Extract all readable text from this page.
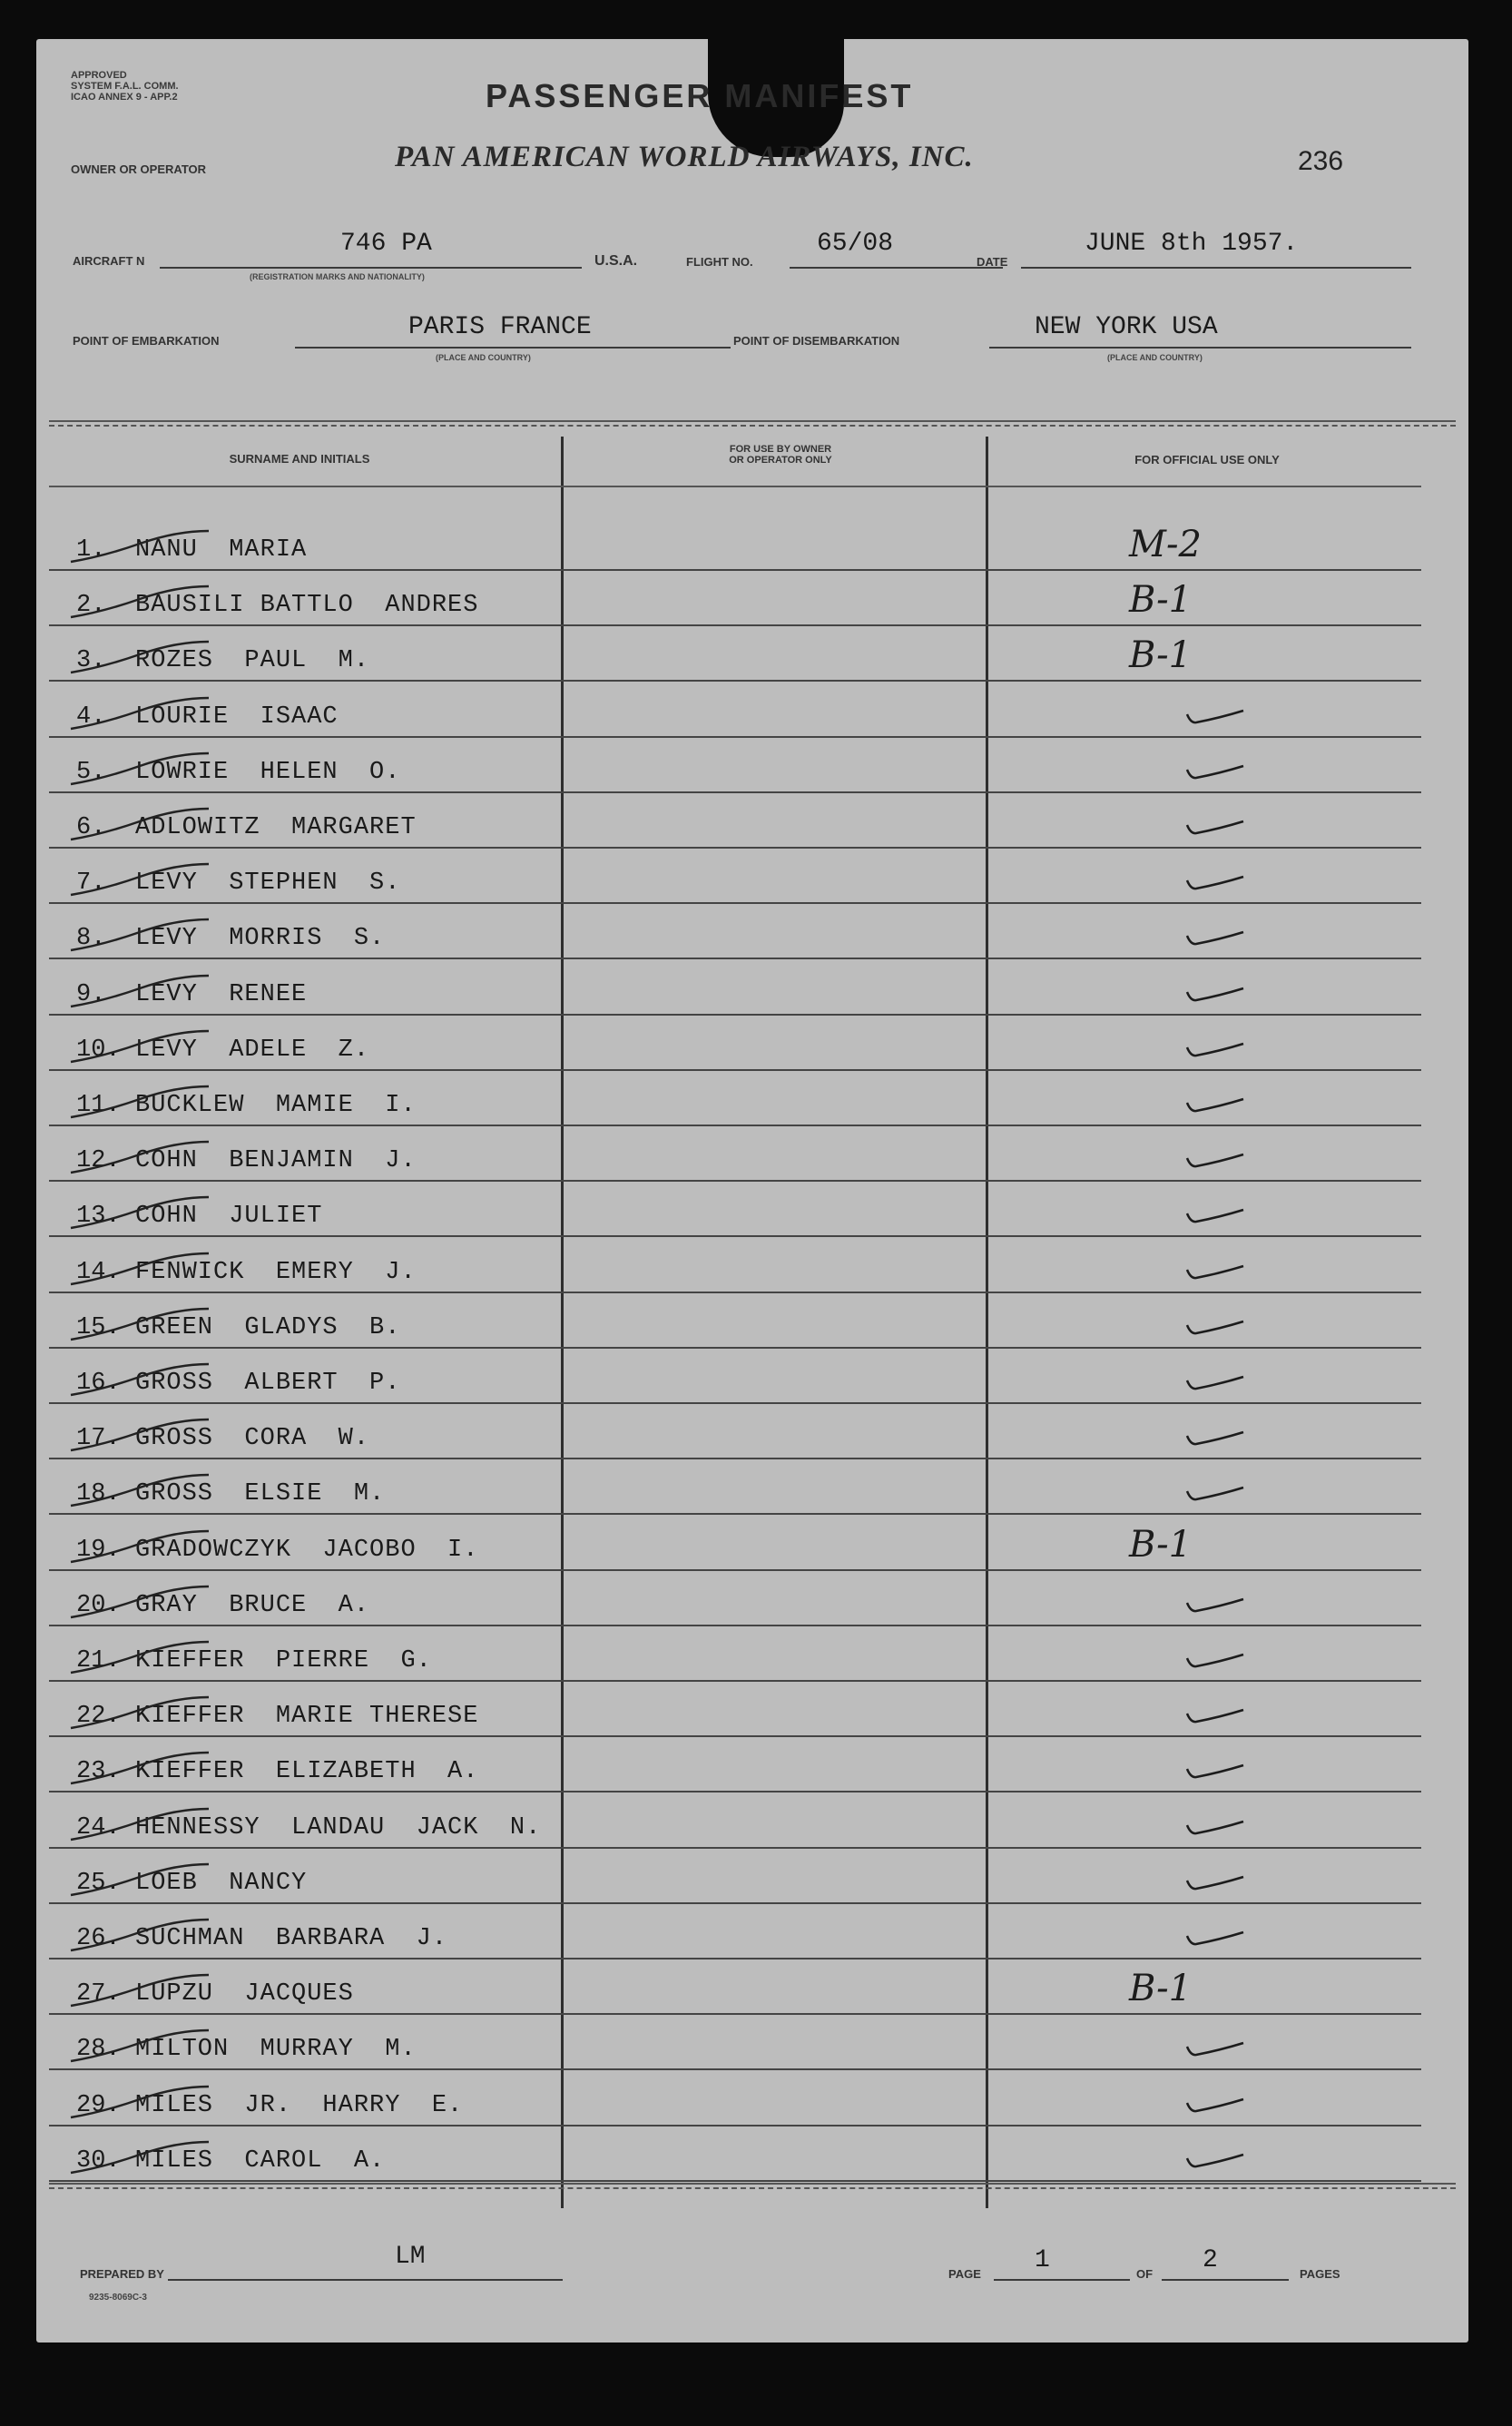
APPROVED
SYSTEM F.A.L. COMM.
ICAO ANNEX 9 - APP.2	PASSENGER MANIFEST
OWNER OR OPERATOR	PAN AMERICAN WORLD AIRWAYS, INC.	236
AIRCRAFT N
746 PA
(REGISTRATION MARKS AND NATIONALITY)
U.S.A.	FLIGHT NO.
65/08
DATE
JUNE 8th 1957.
POINT OF EMBARKATION	PARIS FRANCE
(PLACE AND COUNTRY)
POINT OF DISEMBARKATION	NEW YORK USA
(PLACE AND COUNTRY)
SURNAME AND INITIALS
FOR USE BY OWNER
OR OPERATOR ONLY	FOR OFFICIAL USE ONLY
1. NANU  MARIA	M-2
2. BAUSILI BATTLO  ANDRES	B-1
3. ROZES  PAUL  M.	B-1
4. LOURIE  ISAAC
5. LOWRIE  HELEN  O.
6. ADLOWITZ  MARGARET
7. LEVY  STEPHEN  S.
8. LEVY  MORRIS  S.
9. LEVY  RENEE
10. LEVY  ADELE  Z.
11. BUCKLEW  MAMIE  I.
12. COHN  BENJAMIN  J.
13. COHN  JULIET
14. FENWICK  EMERY  J.
15. GREEN  GLADYS  B.
16. GROSS  ALBERT  P.
17. GROSS  CORA  W.
18. GROSS  ELSIE  M.
19. GRADOWCZYK  JACOBO  I.	B-1
20. GRAY  BRUCE  A.
21. KIEFFER  PIERRE  G.
22. KIEFFER  MARIE THERESE
23. KIEFFER  ELIZABETH  A.
24. HENNESSY  LANDAU  JACK  N.
25. LOEB  NANCY
26. SUCHMAN  BARBARA  J.
27. LUPZU  JACQUES	B-1
28. MILTON  MURRAY  M.
29. MILES  JR.  HARRY  E.
30. MILES  CAROL  A.
PREPARED BY
LM
PAGE 1	OF 2	PAGES
9235-8069C-3
